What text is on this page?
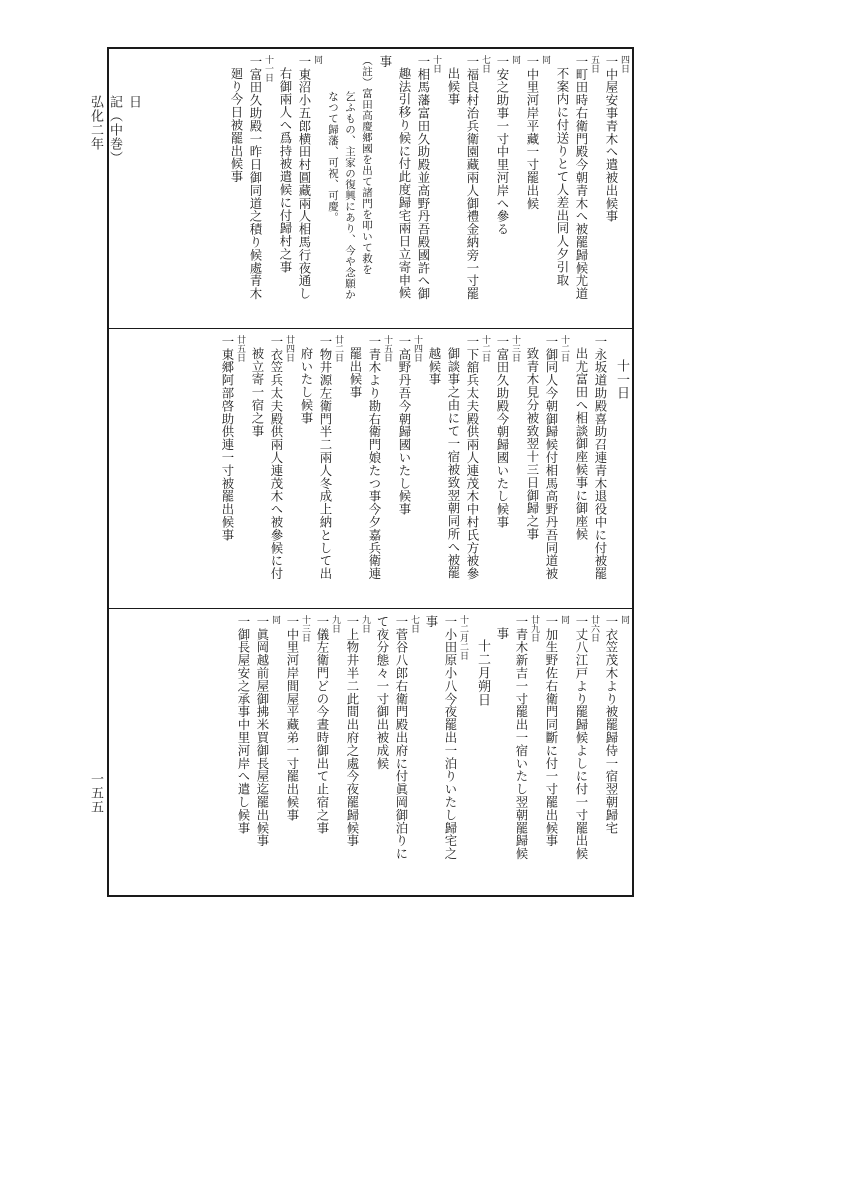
四日
一中屋安事青木へ遣被出候事
五日
一町田時右衛門殿今朝青木へ被罷歸候尤道
不案内に付送りとて人差出同人夕引取
同
一中里河岸平藏一寸罷出候
同
一安之助事一寸中里河岸へ參る
七日
一福良村治兵衛園藏兩人御禮金納旁一寸罷
出候事
十日
一相馬藩富田久助殿並高野丹吾殿國許へ御
趣法引移り候に付此度歸宅兩日立寄申候
事
（註）富田高慶郷國を出て諸門を叩いて救を
乞ふもの、主家の復興にあり、今や念願か
なつて歸藩、可祝、可慶。
同
一東沼小五郎横田村圓藏兩人相馬行夜通し
右御兩人へ爲持被遣候に付歸村之事
十一日
一富田久助殿一昨日御同道之積り候處青木
廻り今日被罷出候事
十一日
一永坂道助殿喜助召連青木退役中に付被罷
出尤富田へ相談御座候事に御座候
十二日
一御同人今朝御歸候付相馬高野丹吾同道被
致青木見分被致翌十三日御歸之事
十三日
一富田久助殿今朝歸國いたし候事
十二日
一下舘兵太夫殿供兩人連茂木中村氏方被參
御談事之由にて一宿被致翌朝同所へ被罷
越候事
十四日
一高野丹吾今朝歸國いたし候事
十五日
一青木より勘右衛門娘たつ事今夕嘉兵衛連
罷出候事
廿二日
一物井源左衛門半二兩人冬成上納として出
府いたし候事
廿四日
一衣笠兵太夫殿供兩人連茂木へ被參候に付
被立寄一宿之事
廿五日
一東郷阿部啓助供連一寸被罷出候事
同
一衣笠茂木より被罷歸侍一宿翌朝歸宅
廿六日
一丈八江戸より罷歸候よしに付一寸罷出候
同
一加生野佐右衛門同斷に付一寸罷出候事
廿九日
一青木新吉一寸罷出一宿いたし翌朝罷歸候
事
十二月朔日
十二月二日
一小田原小八今夜罷出一泊りいたし歸宅之
事
七日
一菅谷八郎右衛門殿出府に付眞岡御泊りに
て夜分態々一寸御出被成候
九日
一上物井半二此間出府之處今夜罷歸候事
九日
一儀左衛門どの今晝時御出て止宿之事
十三日
一中里河岸間屋平藏弟一寸罷出候事
同
一眞岡越前屋御拂米買御長屋迄罷出候事
一御長屋安之承事中里河岸へ遣し候事
日
記（中巻）
弘化二年
一五五
